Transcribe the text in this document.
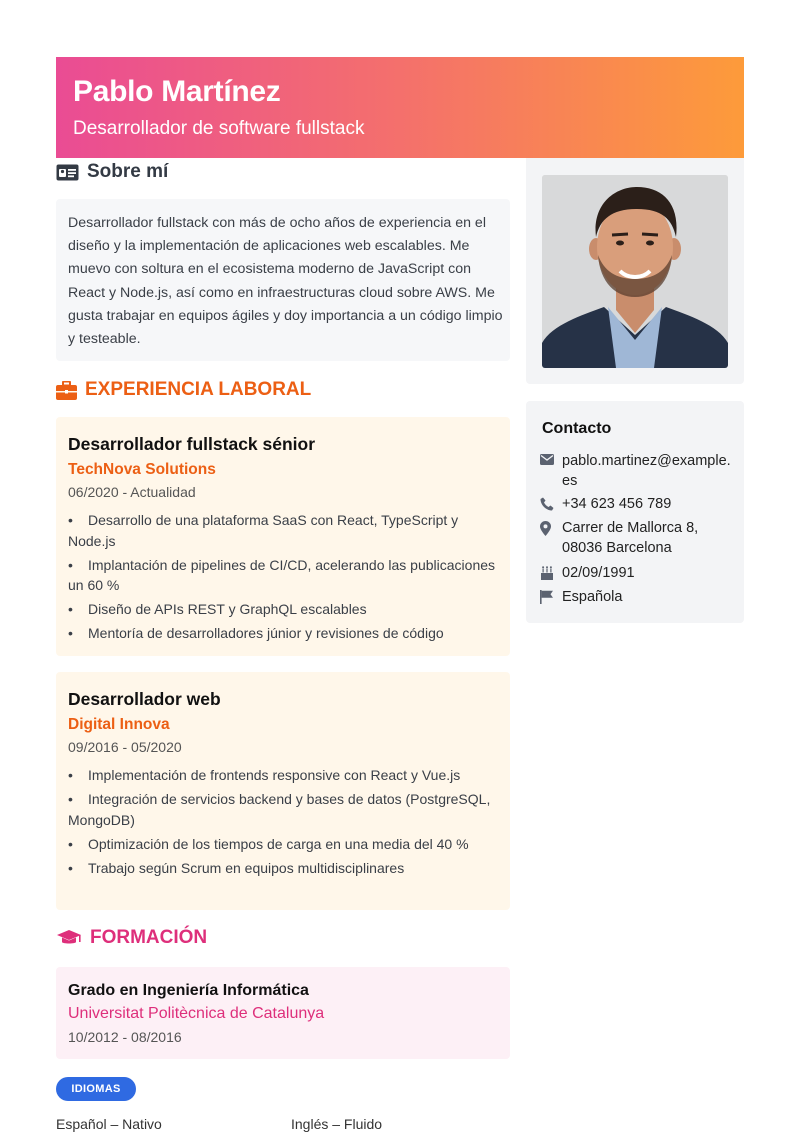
Pablo Martínez
Desarrollador de software fullstack
Sobre mí

Desarrollador fullstack con más de ocho años de experiencia en el diseño y la implementación de aplicaciones web escalables. Me muevo con soltura en el ecosistema moderno de JavaScript con React y Node.js, así como en infraestructuras cloud sobre AWS. Me gusta trabajar en equipos ágiles y doy importancia a un código limpio y testeable.

EXPERIENCIA LABORAL
Desarrollador fullstack sénior
TechNova Solutions
06/2020 - Actualidad
• Desarrollo de una plataforma SaaS con React, TypeScript y Node.js
• Implantación de pipelines de CI/CD, acelerando las publicaciones un 60 %
• Diseño de APIs REST y GraphQL escalables
• Mentoría de desarrolladores júnior y revisiones de código
Desarrollador web
Digital Innova
09/2016 - 05/2020
• Implementación de frontends responsive con React y Vue.js
• Integración de servicios backend y bases de datos (PostgreSQL, MongoDB)
• Optimización de los tiempos de carga en una media del 40 %
• Trabajo según Scrum en equipos multidisciplinares
FORMACIÓN
Grado en Ingeniería Informática
Universitat Politècnica de Catalunya
10/2012 - 08/2016
IDIOMAS
Español – Nativo	Inglés – Fluido
Contacto
pablo.martinez@example.es
+34 623 456 789
Carrer de Mallorca 8, 08036 Barcelona
02/09/1991
Española
